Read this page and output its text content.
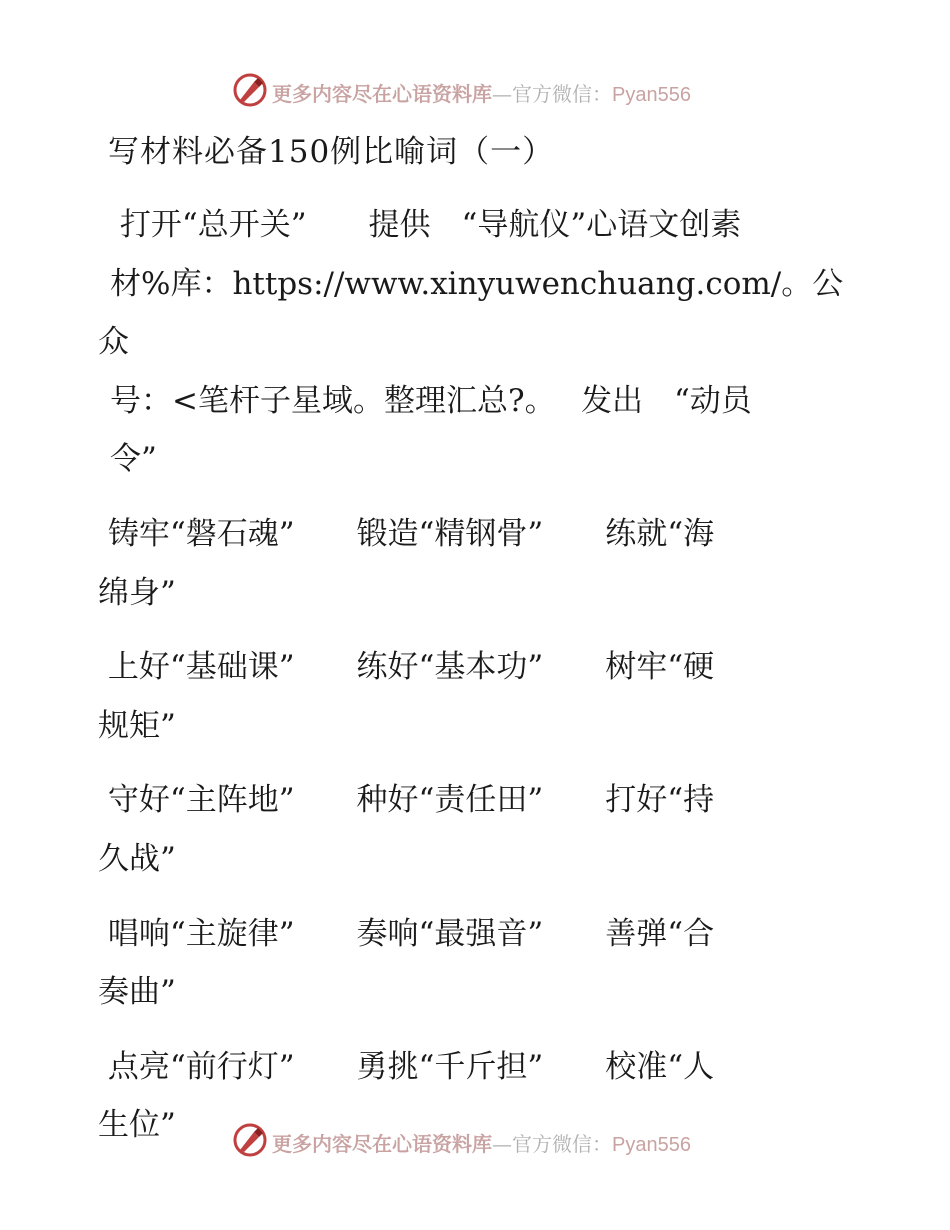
更多内容尽在心语资料库—官方微信：Pyan556
写材料必备150例比喻词（一）
打开“总开关”　　提供　“导航仪”心语文创素
材%库：https://www.xinyuwenchuang.com/。公众
号：<笔杆子星域。整理汇总?。　 发出　“动员
令”
铸牢“磐石魂”　　锻造“精钢骨”　　练就“海
绵身”
上好“基础课”　　练好“基本功”　　树牢“硬
规矩”
守好“主阵地”　　种好“责任田”　　打好“持
久战”
唱响“主旋律”　　奏响“最强音”　　善弹“合
奏曲”
点亮“前行灯”　　勇挑“千斤担”　　校准“人
生位”
更多内容尽在心语资料库—官方微信：Pyan556
